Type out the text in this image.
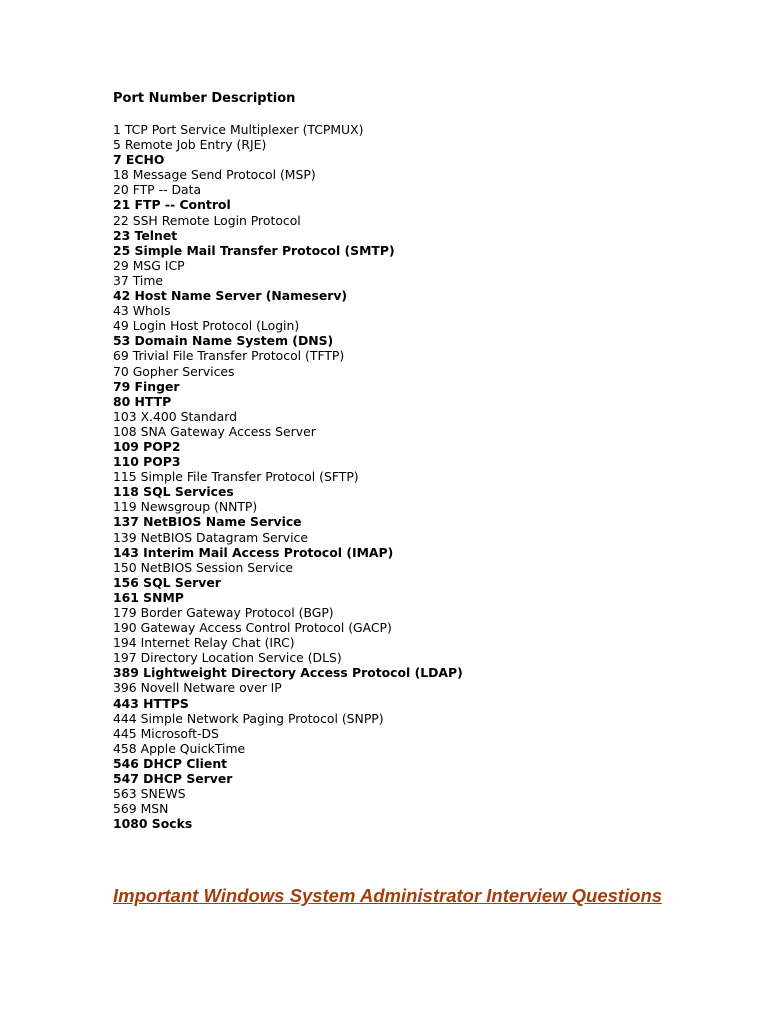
Port Number Description
1 TCP Port Service Multiplexer (TCPMUX)
5 Remote Job Entry (RJE)
7 ECHO
18 Message Send Protocol (MSP)
20 FTP -- Data
21 FTP -- Control
22 SSH Remote Login Protocol
23 Telnet
25 Simple Mail Transfer Protocol (SMTP)
29 MSG ICP
37 Time
42 Host Name Server (Nameserv)
43 WhoIs
49 Login Host Protocol (Login)
53 Domain Name System (DNS)
69 Trivial File Transfer Protocol (TFTP)
70 Gopher Services
79 Finger
80 HTTP
103 X.400 Standard
108 SNA Gateway Access Server
109 POP2
110 POP3
115 Simple File Transfer Protocol (SFTP)
118 SQL Services
119 Newsgroup (NNTP)
137 NetBIOS Name Service
139 NetBIOS Datagram Service
143 Interim Mail Access Protocol (IMAP)
150 NetBIOS Session Service
156 SQL Server
161 SNMP
179 Border Gateway Protocol (BGP)
190 Gateway Access Control Protocol (GACP)
194 Internet Relay Chat (IRC)
197 Directory Location Service (DLS)
389 Lightweight Directory Access Protocol (LDAP)
396 Novell Netware over IP
443 HTTPS
444 Simple Network Paging Protocol (SNPP)
445 Microsoft-DS
458 Apple QuickTime
546 DHCP Client
547 DHCP Server
563 SNEWS
569 MSN
1080 Socks
Important Windows System Administrator Interview Questions
